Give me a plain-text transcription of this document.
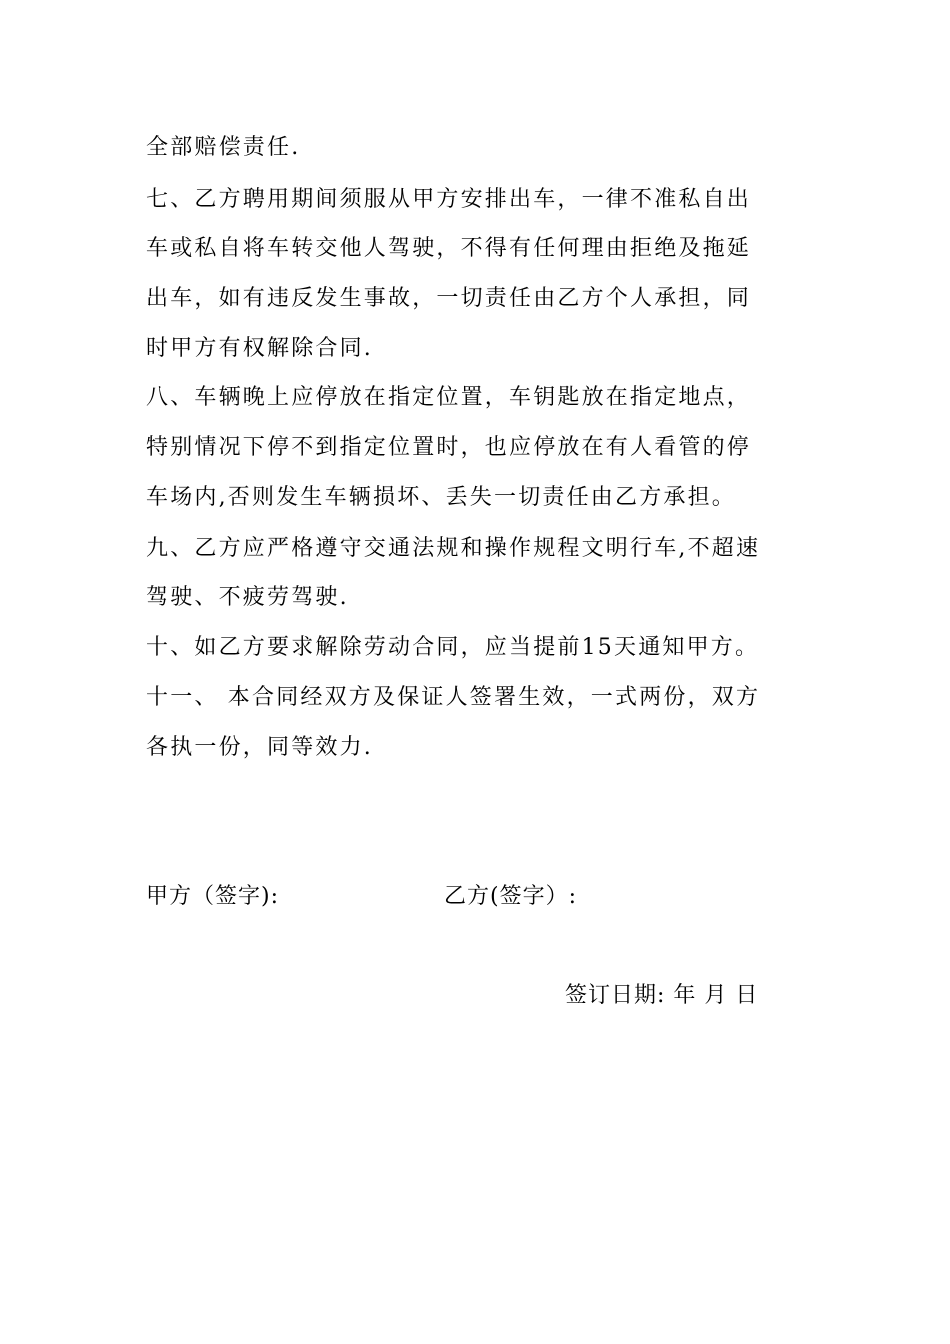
全部赔偿责任.
七、乙方聘用期间须服从甲方安排出车，一律不准私自出
车或私自将车转交他人驾驶，不得有任何理由拒绝及拖延
出车，如有违反发生事故，一切责任由乙方个人承担，同
时甲方有权解除合同.
八、车辆晚上应停放在指定位置，车钥匙放在指定地点，
特别情况下停不到指定位置时，也应停放在有人看管的停
车场内,否则发生车辆损坏、丢失一切责任由乙方承担。
九、乙方应严格遵守交通法规和操作规程文明行车,不超速
驾驶、不疲劳驾驶.
十、如乙方要求解除劳动合同，应当提前15天通知甲方。
十一、 本合同经双方及保证人签署生效，一式两份，双方
各执一份，同等效力.
甲方（签字):	乙方(签字）:
签订日期: 年 月 日
